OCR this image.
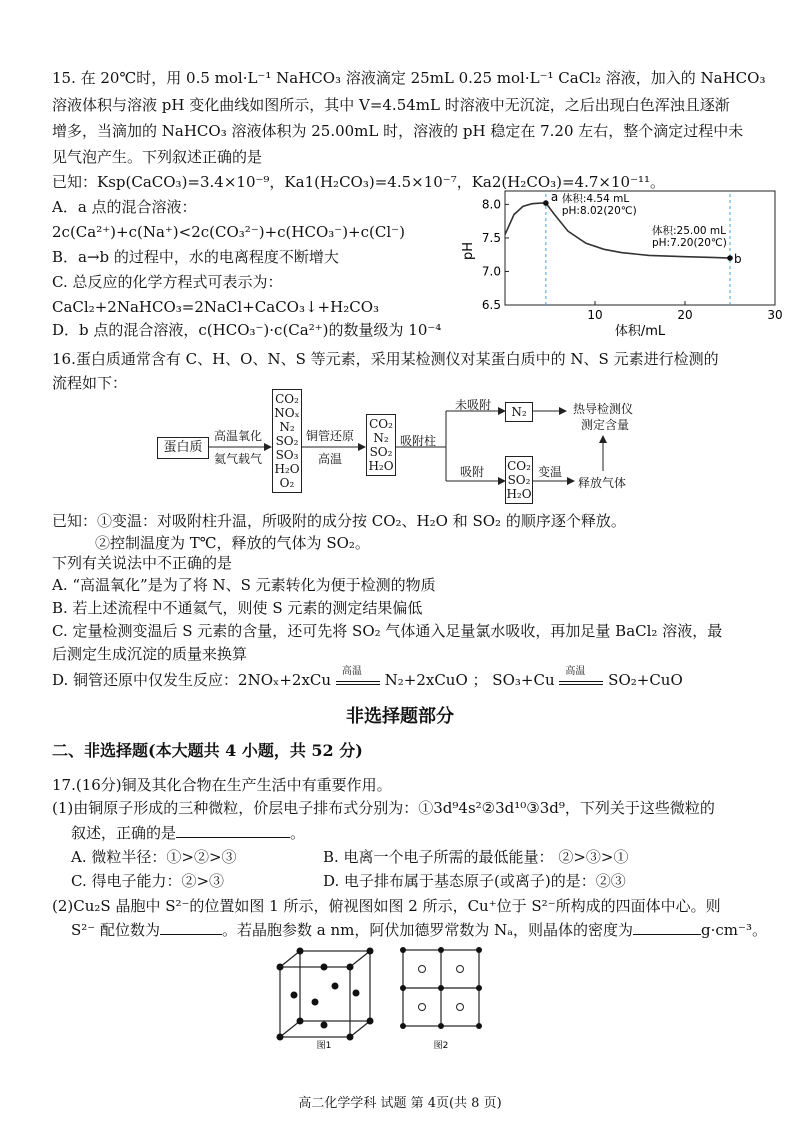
15. 在 20℃时，用 0.5 mol·L⁻¹ NaHCO₃ 溶液滴定 25mL 0.25 mol·L⁻¹ CaCl₂ 溶液，加入的 NaHCO₃
溶液体积与溶液 pH 变化曲线如图所示，其中 V=4.54mL 时溶液中无沉淀，之后出现白色浑浊且逐渐
增多，当滴加的 NaHCO₃ 溶液体积为 25.00mL 时，溶液的 pH 稳定在 7.20 左右，整个滴定过程中未
见气泡产生。下列叙述正确的是
已知：Ksp(CaCO₃)=3.4×10⁻⁹，Ka1(H₂CO₃)=4.5×10⁻⁷，Ka2(H₂CO₃)=4.7×10⁻¹¹。
A．a 点的混合溶液：
2c(Ca²⁺)+c(Na⁺)<2c(CO₃²⁻)+c(HCO₃⁻)+c(Cl⁻)
B．a→b 的过程中，水的电离程度不断增大
C. 总反应的化学方程式可表示为：
CaCl₂+2NaHCO₃=2NaCl+CaCO₃↓+H₂CO₃
D．b 点的混合溶液，c(HCO₃⁻)·c(Ca²⁺)的数量级为 10⁻⁴
10	20	30
6.5
7.0
7.5
8.0
a 体积:4.54 mL
pH:8.02(20℃)
b
体积:25.00 mL
pH:7.20(20℃)
pH
体积/mL
16.蛋白质通常含有 C、H、O、N、S 等元素，采用某检测仪对某蛋白质中的 N、S 元素进行检测的
流程如下：
蛋白质
高温氧化
氦气载气
CO₂
NOₓ
N₂
SO₂
SO₃
H₂O
O₂
铜管还原
高温
CO₂
N₂
SO₂
H₂O
吸附柱
未吸附	N₂	热导检测仪
测定含量
吸附 CO₂
SO₂
H₂O
变温
释放气体
已知：①变温：对吸附柱升温，所吸附的成分按 CO₂、H₂O 和 SO₂ 的顺序逐个释放。
②控制温度为 T℃，释放的气体为 SO₂。
下列有关说法中不正确的是
A. “高温氧化”是为了将 N、S 元素转化为便于检测的物质
B. 若上述流程中不通氦气，则使 S 元素的测定结果偏低
C. 定量检测变温后 S 元素的含量，还可先将 SO₂ 气体通入足量氯水吸收，再加足量 BaCl₂ 溶液，最
后测定生成沉淀的质量来换算
D. 铜管还原中仅发生反应：2NOₓ+2xCu 高温 N₂+2xCuO ； SO₃+Cu 高温 SO₂+CuO
非选择题部分
二、非选择题(本大题共 4 小题，共 52 分)
17.(16分)铜及其化合物在生产生活中有重要作用。
(1)由铜原子形成的三种微粒，价层电子排布式分别为：①3d⁹4s²②3d¹⁰③3d⁹，下列关于这些微粒的
叙述，正确的是	。
A. 微粒半径：①>②>③	B. 电离一个电子所需的最低能量： ②>③>①
C. 得电子能力：②>③	D. 电子排布属于基态原子(或离子)的是：②③
(2)Cu₂S 晶胞中 S²⁻的位置如图 1 所示，俯视图如图 2 所示，Cu⁺位于 S²⁻所构成的四面体中心。则
S²⁻ 配位数为	。若晶胞参数 a nm，阿伏加德罗常数为 Nₐ，则晶体的密度为	g·cm⁻³。
图1	图2
高二化学学科 试题 第 4页(共 8 页)
